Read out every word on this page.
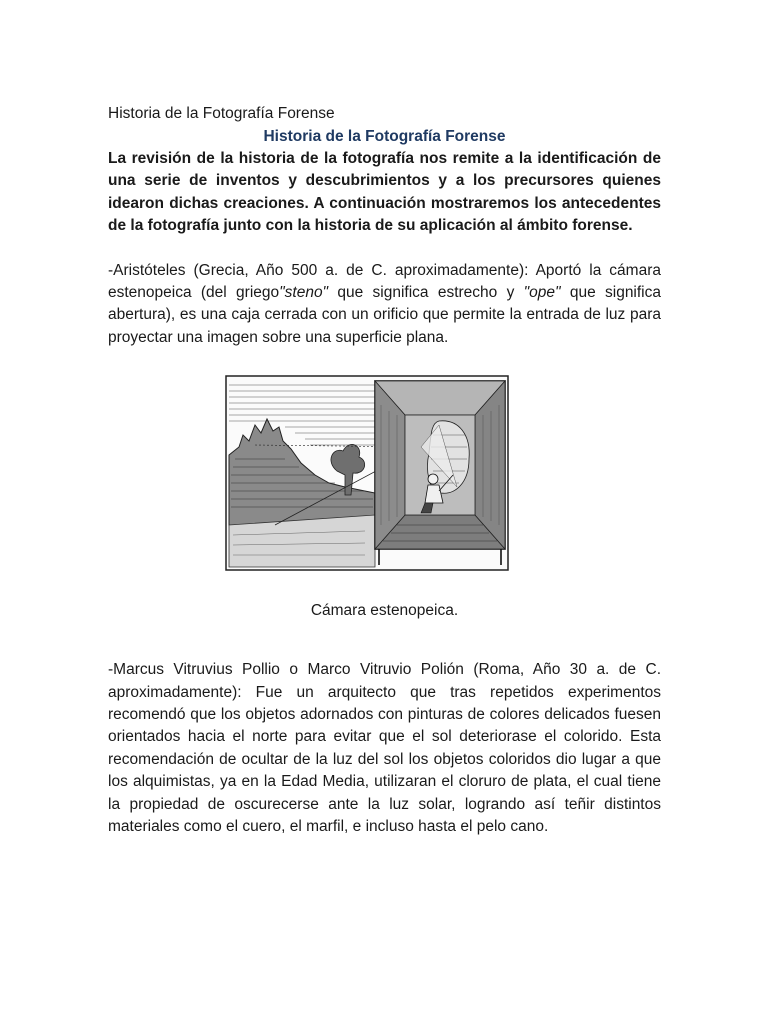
Historia de la Fotografía Forense

Historia de la Fotografía Forense

La revisión de la historia de la fotografía nos remite a la identificación de una serie de inventos y descubrimientos y a los precursores quienes idearon dichas creaciones. A continuación mostraremos los antecedentes de la fotografía junto con la historia de su aplicación al ámbito forense.

-Aristóteles (Grecia, Año 500 a. de C. aproximadamente): Aportó la cámara estenopeica (del griego"steno" que significa estrecho y "ope" que significa abertura), es una caja cerrada con un orificio que permite la entrada de luz para proyectar una imagen sobre una superficie plana.

Cámara estenopeica.

-Marcus Vitruvius Pollio o Marco Vitruvio Polión (Roma, Año 30 a. de C. aproximadamente): Fue un arquitecto que tras repetidos experimentos recomendó que los objetos adornados con pinturas de colores delicados fuesen orientados hacia el norte para evitar que el sol deteriorase el colorido. Esta recomendación de ocultar de la luz del sol los objetos coloridos dio lugar a que los alquimistas, ya en la Edad Media, utilizaran el cloruro de plata, el cual tiene la propiedad de oscurecerse ante la luz solar, logrando así teñir distintos materiales como el cuero, el marfil, e incluso hasta el pelo cano.
